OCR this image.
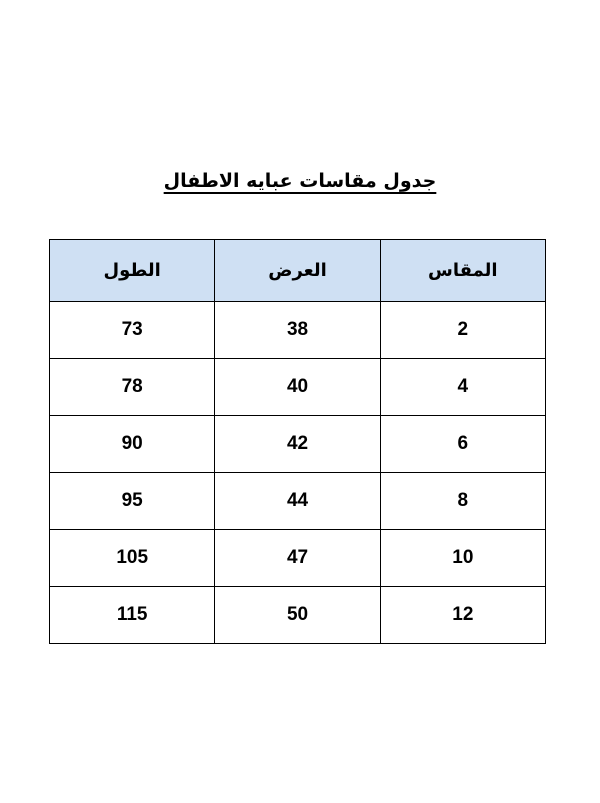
جدول مقاسات عبايه الاطفال
المقاس	العرض	الطول
2	38	73
4	40	78
6	42	90
8	44	95
10	47	105
12	50	115
